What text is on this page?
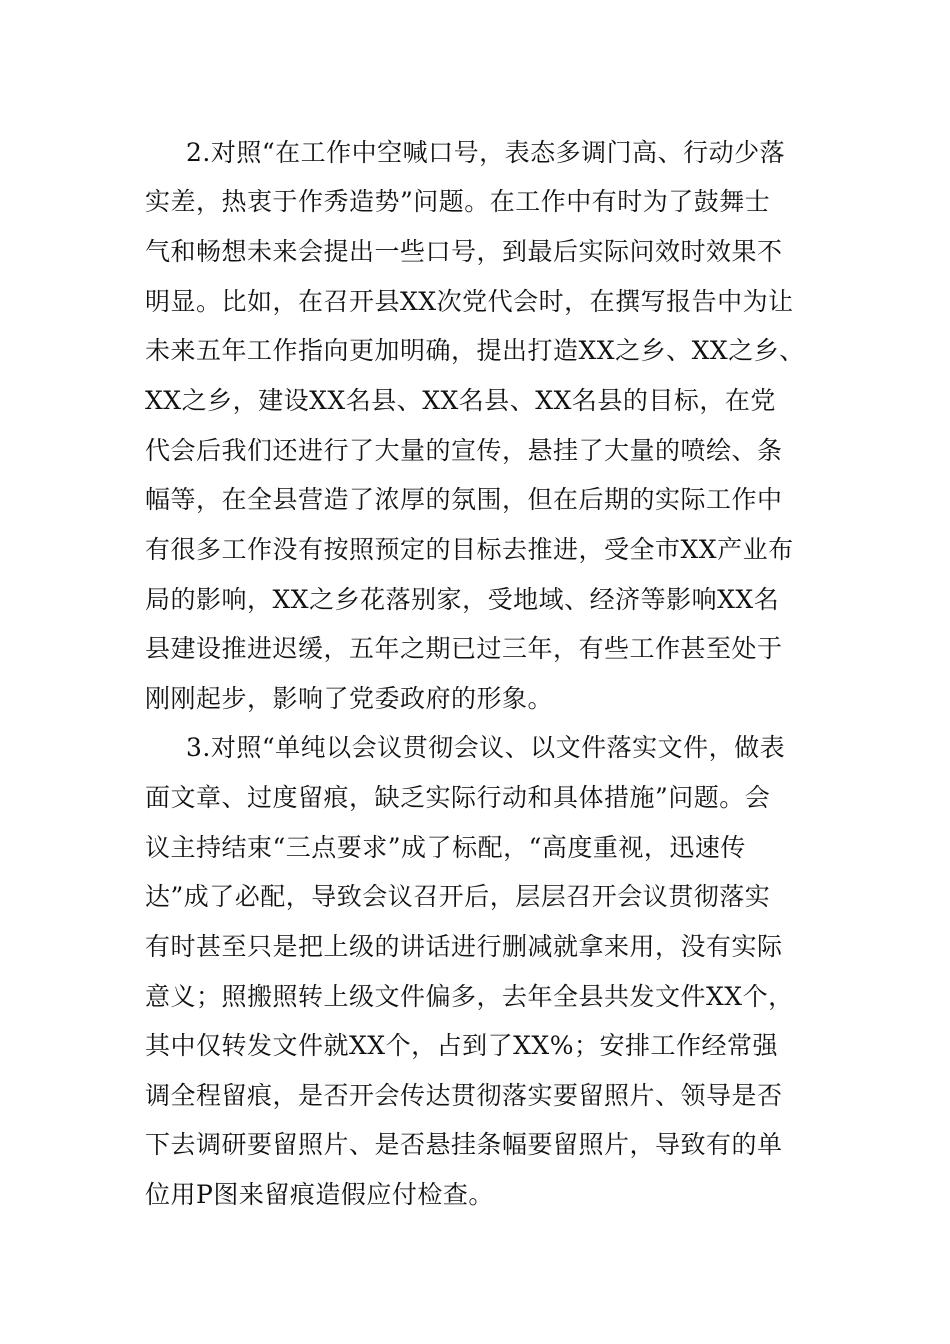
2.对照“在工作中空喊口号，表态多调门高、行动少落

实差，热衷于作秀造势”问题。在工作中有时为了鼓舞士

气和畅想未来会提出一些口号，到最后实际问效时效果不

明显。比如，在召开县XX次党代会时，在撰写报告中为让

未来五年工作指向更加明确，提出打造XX之乡、XX之乡、

XX之乡，建设XX名县、XX名县、XX名县的目标，在党

代会后我们还进行了大量的宣传，悬挂了大量的喷绘、条

幅等，在全县营造了浓厚的氛围，但在后期的实际工作中

有很多工作没有按照预定的目标去推进，受全市XX产业布

局的影响，XX之乡花落别家，受地域、经济等影响XX名

县建设推进迟缓，五年之期已过三年，有些工作甚至处于

刚刚起步，影响了党委政府的形象。

3.对照“单纯以会议贯彻会议、以文件落实文件，做表

面文章、过度留痕，缺乏实际行动和具体措施”问题。会

议主持结束“三点要求”成了标配，“高度重视，迅速传

达”成了必配，导致会议召开后，层层召开会议贯彻落实

有时甚至只是把上级的讲话进行删减就拿来用，没有实际

意义；照搬照转上级文件偏多，去年全县共发文件XX个，

其中仅转发文件就XX个，占到了XX%；安排工作经常强

调全程留痕，是否开会传达贯彻落实要留照片、领导是否

下去调研要留照片、是否悬挂条幅要留照片，导致有的单

位用P图来留痕造假应付检查。
